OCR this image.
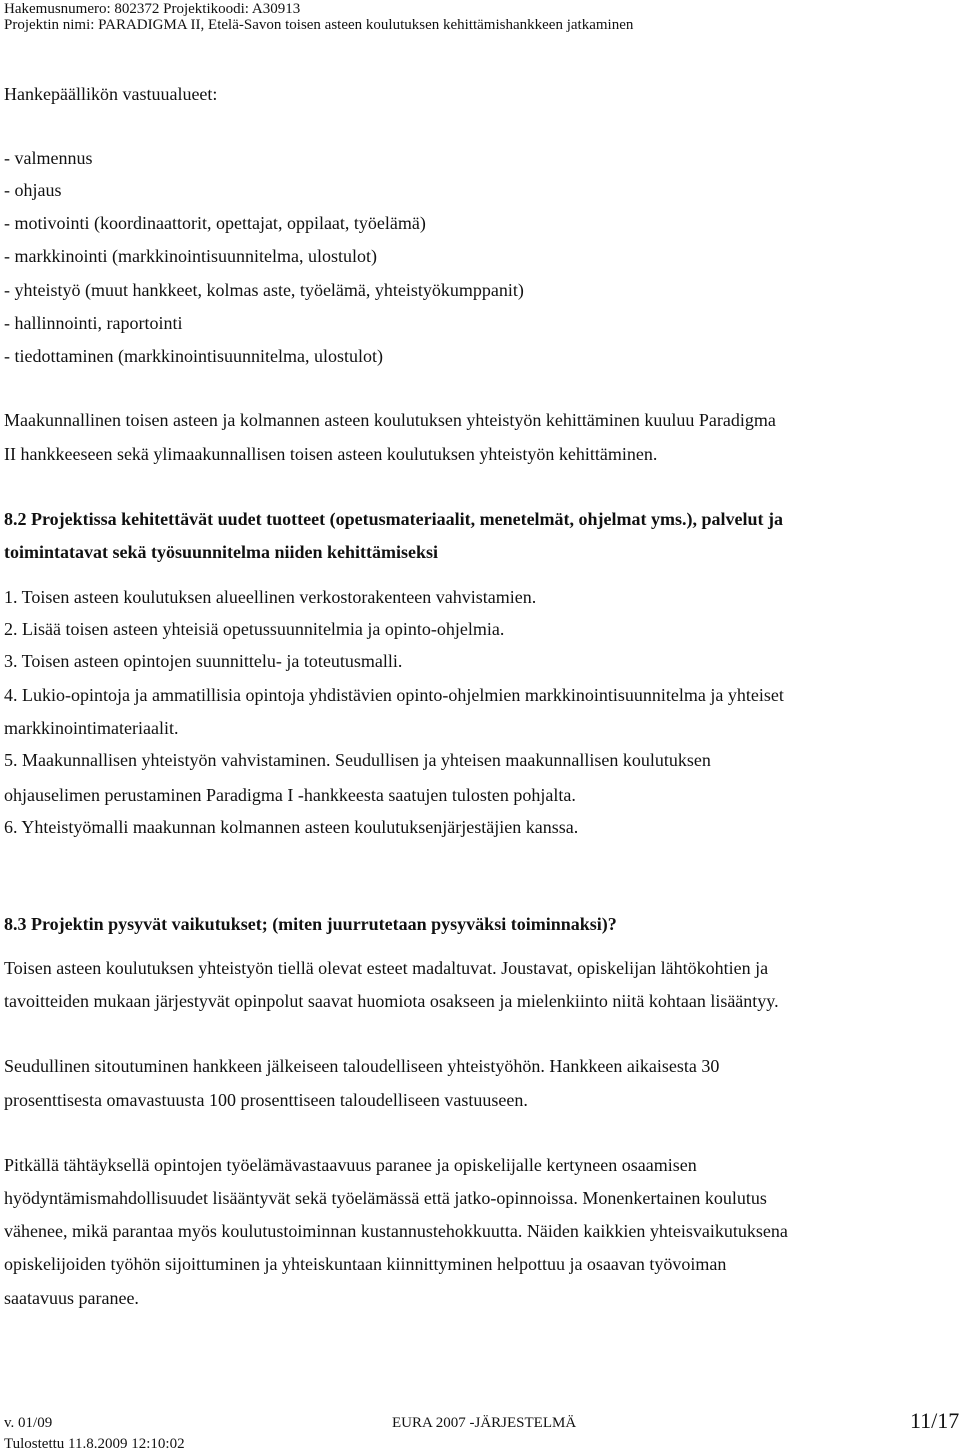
Hakemusnumero: 802372 Projektikoodi: A30913
Projektin nimi: PARADIGMA II, Etelä-Savon toisen asteen koulutuksen kehittämishankkeen jatkaminen
Hankepäällikön vastuualueet:
- valmennus
- ohjaus
- motivointi (koordinaattorit, opettajat, oppilaat, työelämä)
- markkinointi (markkinointisuunnitelma, ulostulot)
- yhteistyö (muut hankkeet, kolmas aste, työelämä, yhteistyökumppanit)
- hallinnointi, raportointi
- tiedottaminen (markkinointisuunnitelma, ulostulot)
Maakunnallinen toisen asteen ja kolmannen asteen koulutuksen yhteistyön kehittäminen kuuluu Paradigma
II hankkeeseen sekä ylimaakunnallisen toisen asteen koulutuksen yhteistyön kehittäminen.
8.2 Projektissa kehitettävät uudet tuotteet (opetusmateriaalit, menetelmät, ohjelmat yms.), palvelut ja
toimintatavat sekä työsuunnitelma niiden kehittämiseksi
1. Toisen asteen koulutuksen alueellinen verkostorakenteen vahvistamien.
2. Lisää toisen asteen yhteisiä opetussuunnitelmia ja opinto-ohjelmia.
3. Toisen asteen opintojen suunnittelu- ja toteutusmalli.
4. Lukio-opintoja ja ammatillisia opintoja yhdistävien opinto-ohjelmien markkinointisuunnitelma ja yhteiset
markkinointimateriaalit.
5. Maakunnallisen yhteistyön vahvistaminen. Seudullisen ja yhteisen maakunnallisen koulutuksen
ohjauselimen perustaminen Paradigma I -hankkeesta saatujen tulosten pohjalta.
6. Yhteistyömalli maakunnan kolmannen asteen koulutuksenjärjestäjien kanssa.
8.3 Projektin pysyvät vaikutukset; (miten juurrutetaan pysyväksi toiminnaksi)?
Toisen asteen koulutuksen yhteistyön tiellä olevat esteet madaltuvat. Joustavat, opiskelijan lähtökohtien ja
tavoitteiden mukaan järjestyvät opinpolut saavat huomiota osakseen ja mielenkiinto niitä kohtaan lisääntyy.
Seudullinen sitoutuminen hankkeen jälkeiseen taloudelliseen yhteistyöhön. Hankkeen aikaisesta 30
prosenttisesta omavastuusta 100 prosenttiseen taloudelliseen vastuuseen.
Pitkällä tähtäyksellä opintojen työelämävastaavuus paranee ja opiskelijalle kertyneen osaamisen
hyödyntämismahdollisuudet lisääntyvät sekä työelämässä että jatko-opinnoissa. Monenkertainen koulutus
vähenee, mikä parantaa myös koulutustoiminnan kustannustehokkuutta. Näiden kaikkien yhteisvaikutuksena
opiskelijoiden työhön sijoittuminen ja yhteiskuntaan kiinnittyminen helpottuu ja osaavan työvoiman
saatavuus paranee.
v. 01/09	EURA 2007 -JÄRJESTELMÄ	11/17
Tulostettu 11.8.2009 12:10:02
